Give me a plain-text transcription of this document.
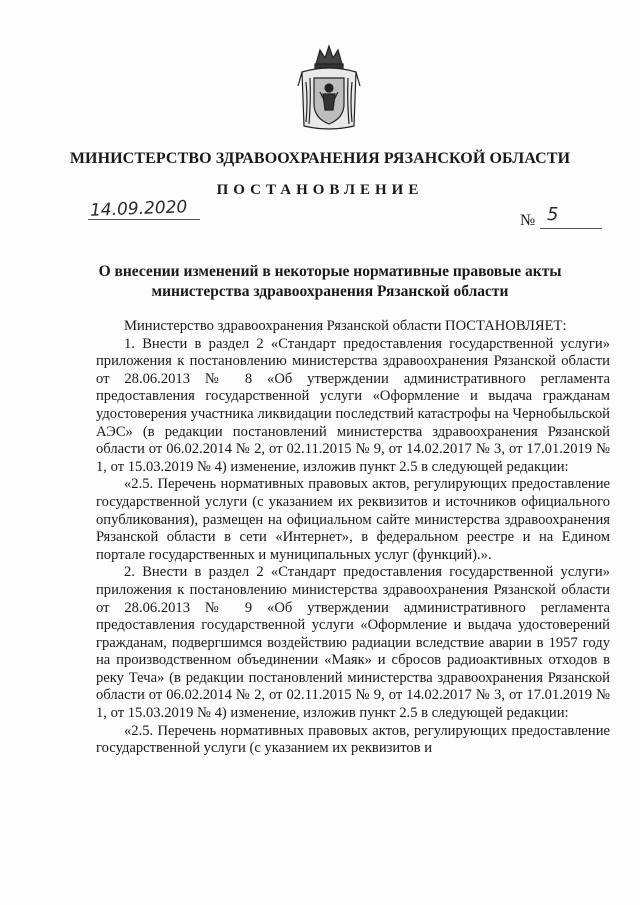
МИНИСТЕРСТВО ЗДРАВООХРАНЕНИЯ РЯЗАНСКОЙ ОБЛАСТИ
ПОСТАНОВЛЕНИЕ
14.09.2020	№ 5
О внесении изменений в некоторые нормативные правовые акты
министерства здравоохранения Рязанской области

Министерство здравоохранения Рязанской области ПОСТАНОВЛЯЕТ:

1. Внести в раздел 2 «Стандарт предоставления государственной услуги» приложения к постановлению министерства здравоохранения Рязанской области от 28.06.2013 № 8 «Об утверждении административного регламента предоставления государственной услуги «Оформление и выдача гражданам удостоверения участника ликвидации последствий катастрофы на Чернобыльской АЭС» (в редакции постановлений министерства здравоохранения Рязанской области от 06.02.2014 № 2, от 02.11.2015 № 9, от 14.02.2017 № 3, от 17.01.2019 № 1, от 15.03.2019 № 4) изменение, изложив пункт 2.5 в следующей редакции:

«2.5. Перечень нормативных правовых актов, регулирующих предоставление государственной услуги (с указанием их реквизитов и источников официального опубликования), размещен на официальном сайте министерства здравоохранения Рязанской области в сети «Интернет», в федеральном реестре и на Едином портале государственных и муниципальных услуг (функций).».

2. Внести в раздел 2 «Стандарт предоставления государственной услуги» приложения к постановлению министерства здравоохранения Рязанской области от 28.06.2013 № 9 «Об утверждении административного регламента предоставления государственной услуги «Оформление и выдача удостоверений гражданам, подвергшимся воздействию радиации вследствие аварии в 1957 году на производственном объединении «Маяк» и сбросов радиоактивных отходов в реку Теча» (в редакции постановлений министерства здравоохранения Рязанской области от 06.02.2014 № 2, от 02.11.2015 № 9, от 14.02.2017 № 3, от 17.01.2019 № 1, от 15.03.2019 № 4) изменение, изложив пункт 2.5 в следующей редакции:

«2.5. Перечень нормативных правовых актов, регулирующих предоставление государственной услуги (с указанием их реквизитов и
